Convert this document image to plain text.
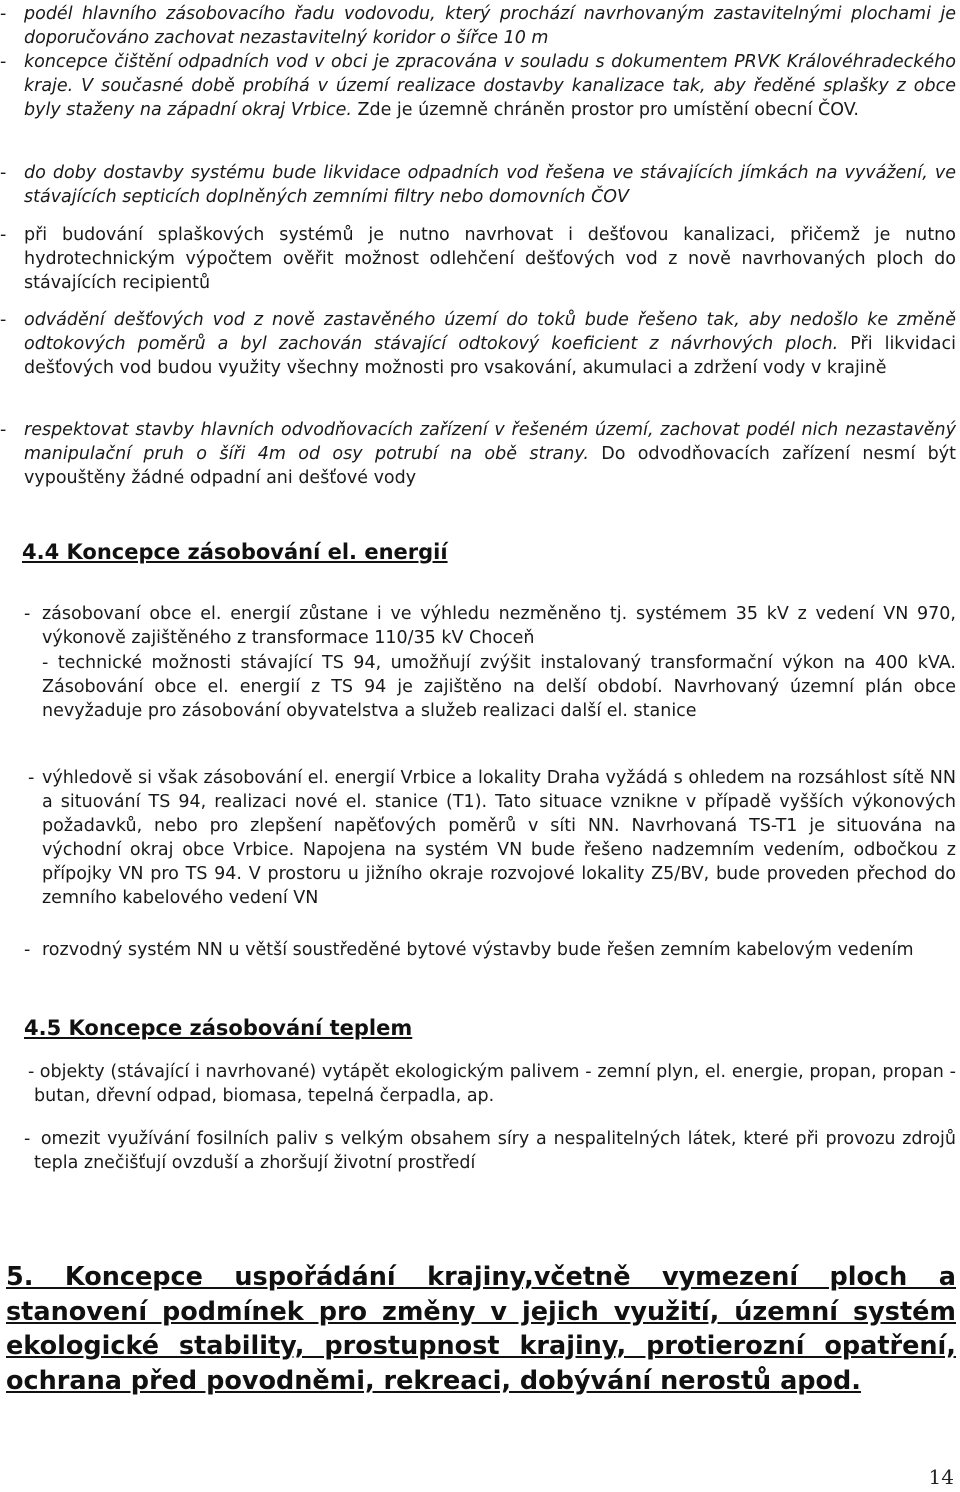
- podél hlavního zásobovacího řadu vodovodu, který prochází navrhovaným zastavitelnými plochami je doporučováno zachovat nezastavitelný koridor o šířce 10 m

- koncepce čištění odpadních vod v obci je zpracována v souladu s dokumentem PRVK Královéhradeckého kraje. V současné době probíhá v území realizace dostavby kanalizace tak, aby ředěné splašky z obce byly staženy na západní okraj Vrbice. Zde je územně chráněn prostor pro umístění obecní ČOV.

- do doby dostavby systému bude likvidace odpadních vod řešena ve stávajících jímkách na vyvážení, ve stávajících septicích doplněných zemními filtry nebo domovních ČOV

- při budování splaškových systémů je nutno navrhovat i dešťovou kanalizaci, přičemž je nutno hydrotechnickým výpočtem ověřit možnost odlehčení dešťových vod z nově navrhovaných ploch do stávajících recipientů

- odvádění dešťových vod z nově zastavěného území do toků bude řešeno tak, aby nedošlo ke změně odtokových poměrů a byl zachován stávající odtokový koeficient z návrhových ploch. Při likvidaci dešťových vod budou využity všechny možnosti pro vsakování, akumulaci a zdržení vody v krajině

- respektovat stavby hlavních odvodňovacích zařízení v řešeném území, zachovat podél nich nezastavěný manipulační pruh o šíři 4m od osy potrubí na obě strany. Do odvodňovacích zařízení nesmí být vypouštěny žádné odpadní ani dešťové vody

4.4 Koncepce zásobování el. energií

- zásobovaní obce el. energií zůstane i ve výhledu nezměněno tj. systémem 35 kV z vedení VN 970, výkonově zajištěného z transformace 110/35 kV Choceň

- technické možnosti stávající TS 94, umožňují zvýšit instalovaný transformační výkon na 400 kVA. Zásobování obce el. energií z TS 94 je zajištěno na delší období. Navrhovaný územní plán obce nevyžaduje pro zásobování obyvatelstva a služeb realizaci další el. stanice

- výhledově si však zásobování el. energií Vrbice a lokality Draha vyžádá s ohledem na rozsáhlost sítě NN a situování TS 94, realizaci nové el. stanice (T1). Tato situace vznikne v případě vyšších výkonových požadavků, nebo pro zlepšení napěťových poměrů v síti NN. Navrhovaná TS-T1 je situována na východní okraj obce Vrbice. Napojena na systém VN bude řešeno nadzemním vedením, odbočkou z přípojky VN pro TS 94. V prostoru u jižního okraje rozvojové lokality Z5/BV, bude proveden přechod do zemního kabelového vedení VN

- rozvodný systém NN u větší soustředěné bytové výstavby bude řešen zemním kabelovým vedením

4.5 Koncepce zásobování teplem

- objekty (stávající i navrhované) vytápět ekologickým palivem - zemní plyn, el. energie, propan, propan - butan, dřevní odpad, biomasa, tepelná čerpadla, ap.

- omezit využívání fosilních paliv s velkým obsahem síry a nespalitelných látek, které při provozu zdrojů tepla znečišťují ovzduší a zhoršují životní prostředí

5. Koncepce uspořádání krajiny,včetně vymezení ploch a stanovení podmínek pro změny v jejich využití, územní systém ekologické stability, prostupnost krajiny, protierozní opatření, ochrana před povodněmi, rekreaci, dobývání nerostů apod.
14
